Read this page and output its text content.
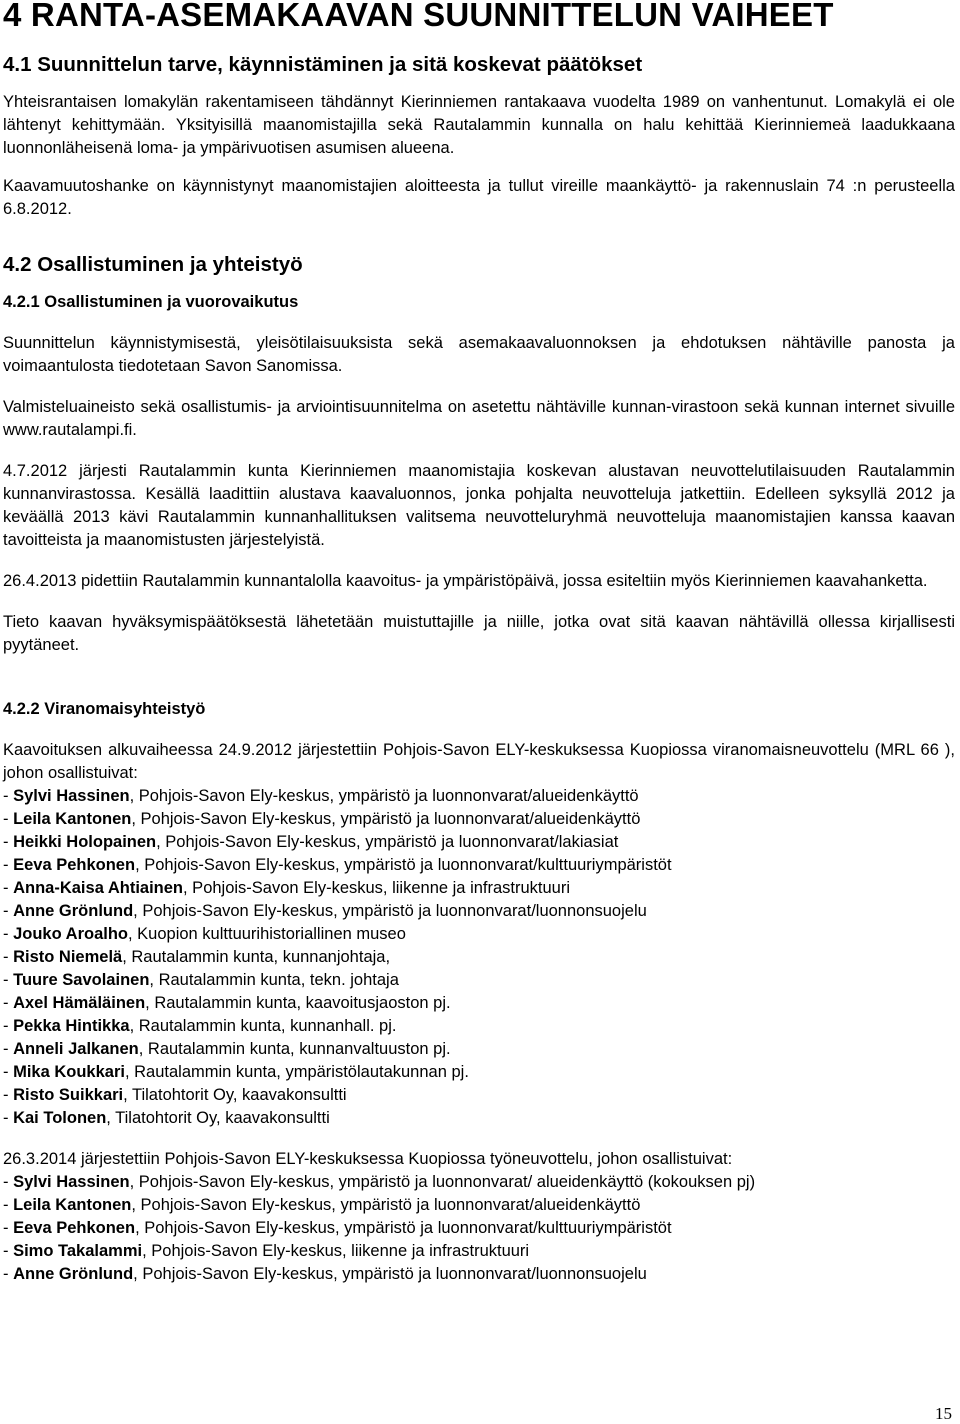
4 RANTA-ASEMAKAAVAN SUUNNITTELUN VAIHEET
4.1 Suunnittelun tarve, käynnistäminen ja sitä koskevat päätökset

Yhteisrantaisen lomakylän rakentamiseen tähdännyt Kierinniemen rantakaava vuodelta 1989 on vanhentunut. Lomakylä ei ole lähtenyt kehittymään. Yksityisillä maanomistajilla sekä Rautalammin kunnalla on halu kehittää Kierinniemeä laadukkaana luonnonläheisenä loma- ja ympärivuotisen asumisen alueena.

Kaavamuutoshanke on käynnistynyt maanomistajien aloitteesta ja tullut vireille maankäyttö- ja rakennuslain 74 :n perusteella 6.8.2012.

4.2 Osallistuminen ja yhteistyö
4.2.1 Osallistuminen ja vuorovaikutus

Suunnittelun käynnistymisestä, yleisötilaisuuksista sekä asemakaavaluonnoksen ja ehdotuksen nähtäville panosta ja voimaantulosta tiedotetaan Savon Sanomissa.

Valmisteluaineisto sekä osallistumis- ja arviointisuunnitelma on asetettu nähtäville kunnan-virastoon sekä kunnan internet sivuille www.rautalampi.fi.

4.7.2012 järjesti Rautalammin kunta Kierinniemen maanomistajia koskevan alustavan neuvottelutilaisuuden Rautalammin kunnanvirastossa. Kesällä laadittiin alustava kaavaluonnos, jonka pohjalta neuvotteluja jatkettiin. Edelleen syksyllä 2012 ja keväällä 2013 kävi Rautalammin kunnanhallituksen valitsema neuvotteluryhmä neuvotteluja maanomistajien kanssa kaavan tavoitteista ja maanomistusten järjestelyistä.

26.4.2013 pidettiin Rautalammin kunnantalolla kaavoitus- ja ympäristöpäivä, jossa esiteltiin myös Kierinniemen kaavahanketta.

Tieto kaavan hyväksymispäätöksestä lähetetään muistuttajille ja niille, jotka ovat sitä kaavan nähtävillä ollessa kirjallisesti pyytäneet.

4.2.2 Viranomaisyhteistyö

Kaavoituksen alkuvaiheessa 24.9.2012 järjestettiin Pohjois-Savon ELY-keskuksessa Kuopiossa viranomaisneuvottelu (MRL 66 ), johon osallistuivat:

- Sylvi Hassinen, Pohjois-Savon Ely-keskus, ympäristö ja luonnonvarat/alueidenkäyttö
- Leila Kantonen, Pohjois-Savon Ely-keskus, ympäristö ja luonnonvarat/alueidenkäyttö
- Heikki Holopainen, Pohjois-Savon Ely-keskus, ympäristö ja luonnonvarat/lakiasiat
- Eeva Pehkonen, Pohjois-Savon Ely-keskus, ympäristö ja luonnonvarat/kulttuuriympäristöt
- Anna-Kaisa Ahtiainen, Pohjois-Savon Ely-keskus, liikenne ja infrastruktuuri
- Anne Grönlund, Pohjois-Savon Ely-keskus, ympäristö ja luonnonvarat/luonnonsuojelu
- Jouko Aroalho, Kuopion kulttuurihistoriallinen museo
- Risto Niemelä, Rautalammin kunta, kunnanjohtaja,
- Tuure Savolainen, Rautalammin kunta, tekn. johtaja
- Axel Hämäläinen, Rautalammin kunta, kaavoitusjaoston pj.
- Pekka Hintikka, Rautalammin kunta, kunnanhall. pj.
- Anneli Jalkanen, Rautalammin kunta, kunnanvaltuuston pj.
- Mika Koukkari, Rautalammin kunta, ympäristölautakunnan pj.
- Risto Suikkari, Tilatohtorit Oy, kaavakonsultti
- Kai Tolonen, Tilatohtorit Oy, kaavakonsultti

26.3.2014 järjestettiin Pohjois-Savon ELY-keskuksessa Kuopiossa työneuvottelu, johon osallistuivat:

- Sylvi Hassinen, Pohjois-Savon Ely-keskus, ympäristö ja luonnonvarat/ alueidenkäyttö (kokouksen pj)
- Leila Kantonen, Pohjois-Savon Ely-keskus, ympäristö ja luonnonvarat/alueidenkäyttö
- Eeva Pehkonen, Pohjois-Savon Ely-keskus, ympäristö ja luonnonvarat/kulttuuriympäristöt
- Simo Takalammi, Pohjois-Savon Ely-keskus, liikenne ja infrastruktuuri
- Anne Grönlund, Pohjois-Savon Ely-keskus, ympäristö ja luonnonvarat/luonnonsuojelu
15
